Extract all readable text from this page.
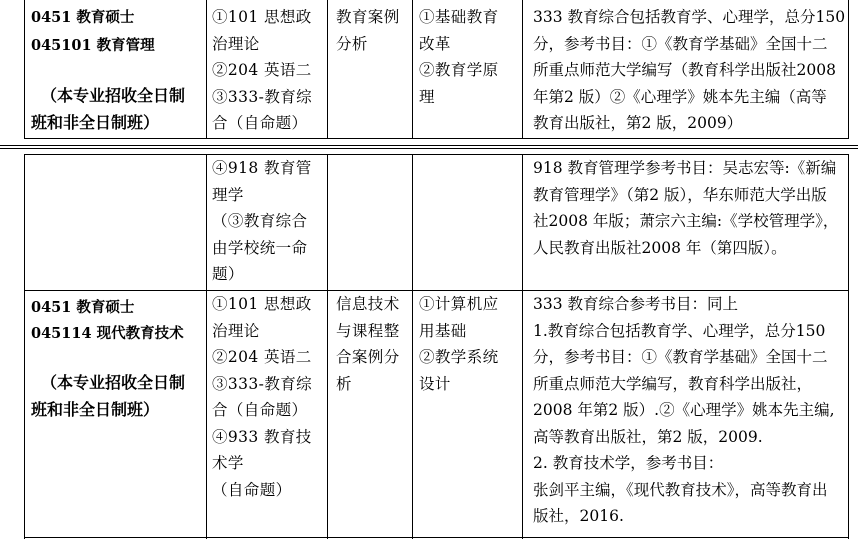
0451 教育硕士
045101 教育管理
（本专业招收全日制
班和非全日制班）
①101 思想政
治理论
②204 英语二
③333-教育综
合（自命题）
教育案例
分析
①基础教育
改革
②教育学原
理
333 教育综合包括教育学、心理学，总分150
分，参考书目：①《教育学基础》全国十二
所重点师范大学编写（教育科学出版社2008
年第2 版）②《心理学》姚本先主编（高等
教育出版社，第2 版，2009）
④918 教育管
理学
（③教育综合
由学校统一命
题）
918 教育管理学参考书目：吴志宏等:《新编
教育管理学》（第2 版），华东师范大学出版
社2008 年版；萧宗六主编:《学校管理学》，
人民教育出版社2008 年（第四版）。
0451 教育硕士
045114 现代教育技术
（本专业招收全日制
班和非全日制班）
①101 思想政
治理论
②204 英语二
③333-教育综
合（自命题）
④933 教育技
术学
（自命题）
信息技术
与课程整
合案例分
析
①计算机应
用基础
②教学系统
设计
333 教育综合参考书目：同上
1.教育综合包括教育学、心理学，总分150
分，参考书目：①《教育学基础》全国十二
所重点师范大学编写，教育科学出版社，
2008 年第2 版）.②《心理学》姚本先主编,
高等教育出版社，第2 版，2009.
2. 教育技术学，参考书目：
张剑平主编，《现代教育技术》，高等教育出
版社，2016.
